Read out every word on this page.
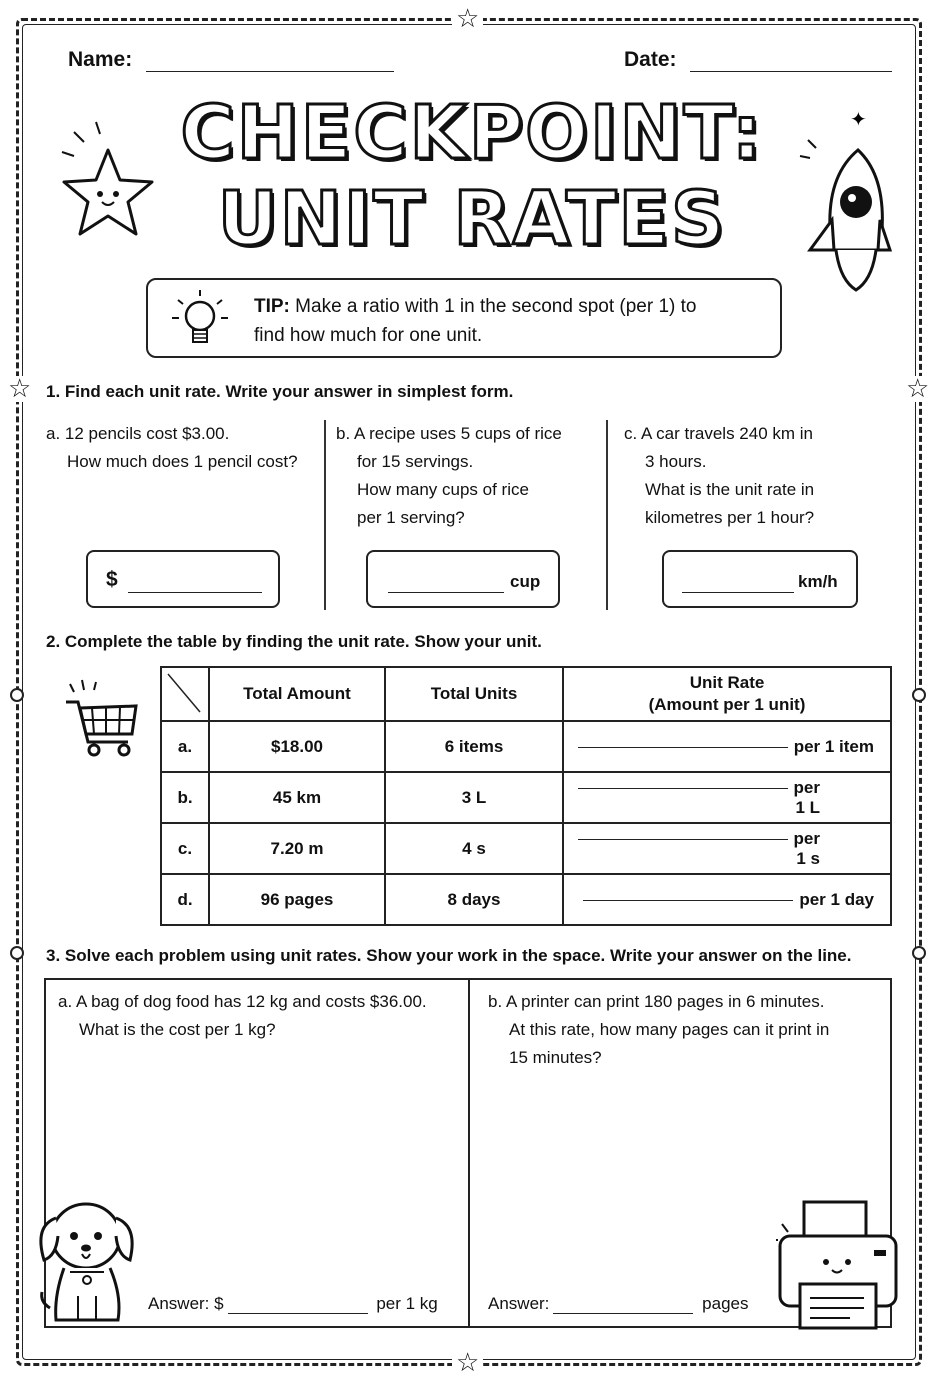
☆
☆
☆	☆
Name:	Date:
CHECKPOINT:
UNIT RATES
✦
TIP: Make a ratio with 1 in the second spot (per 1) to
find how much for one unit.
1. Find each unit rate. Write your answer in simplest form.
a. 12 pencils cost $3.00.
How much does 1 pencil cost?
b. A recipe uses 5 cups of rice
for 15 servings.
How many cups of rice
per 1 serving?
c. A car travels 240 km in
3 hours.
What is the unit rate in
kilometres per 1 hour?
$	cup	km/h
2. Complete the table by finding the unit rate. Show your unit.
	Total Amount	Total Units	Unit Rate
(Amount per 1 unit)
a.	$18.00	6 items	per 1 item
b.	45 km	3 L	per 1 L
c.	7.20 m	4 s	per 1 s
d.	96 pages	8 days	per 1 day
3. Solve each problem using unit rates. Show your work in the space. Write your answer on the line.
a. A bag of dog food has 12 kg and costs $36.00.
What is the cost per 1 kg?
b. A printer can print 180 pages in 6 minutes.
At this rate, how many pages can it print in
15 minutes?
Answer: $	per 1 kg	Answer:	pages
